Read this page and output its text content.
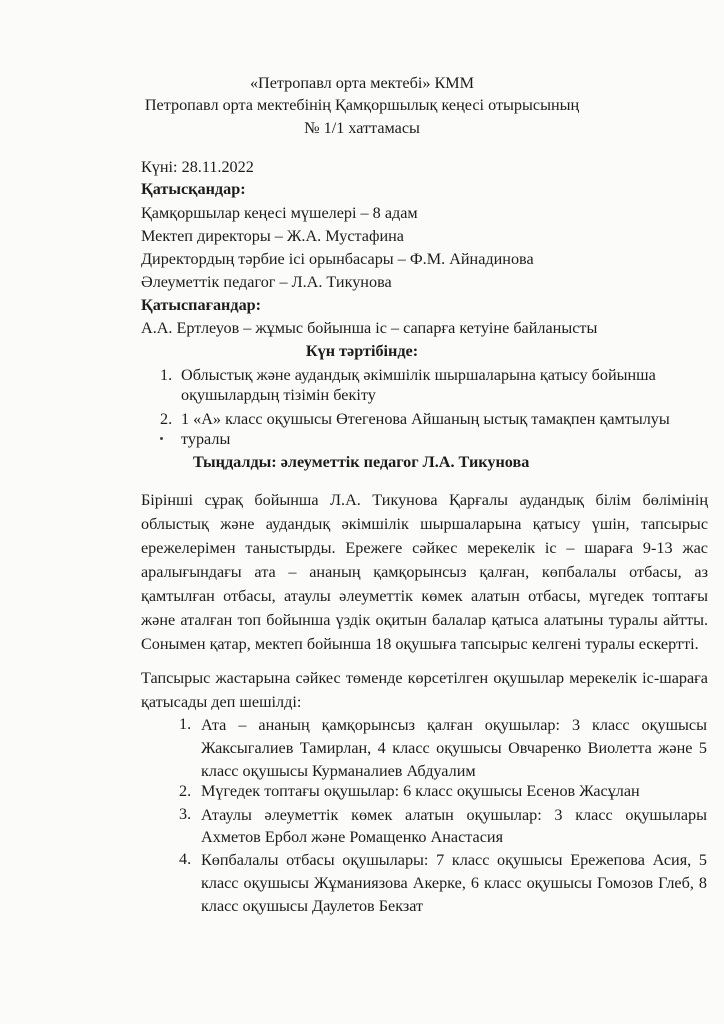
«Петропавл орта мектебі» КММ
Петропавл орта мектебінің Қамқоршылық кеңесі отырысының
№ 1/1 хаттамасы
Күні: 28.11.2022
Қатысқандар:
Қамқоршылар кеңесі мүшелері – 8 адам
Мектеп директоры – Ж.А. Мустафина
Директордың тәрбие ісі орынбасары – Ф.М. Айнадинова
Әлеуметтік педагог – Л.А. Тикунова
Қатыспағандар:
А.А. Ертлеуов – жұмыс бойынша іс – сапарға кетуіне байланысты
Күн тәртібінде:
1. Облыстық және аудандық әкімшілік шыршаларына қатысу бойынша оқушылардың тізімін бекіту
2. 1 «А» класс оқушысы Өтегенова Айшаның ыстық тамақпен қамтылуы туралы
Тыңдалды: әлеуметтік педагог Л.А. Тикунова
Бірінші сұрақ бойынша Л.А. Тикунова Қарғалы аудандық білім бөлімінің облыстық және аудандық әкімшілік шыршаларына қатысу үшін, тапсырыс ережелерімен таныстырды. Ережеге сәйкес мерекелік іс – шараға 9-13 жас аралығындағы ата – ананың қамқорынсыз қалған, көпбалалы отбасы, аз қамтылған отбасы, атаулы әлеуметтік көмек алатын отбасы, мүгедек топтағы және аталған топ бойынша үздік оқитын балалар қатыса алатыны туралы айтты. Сонымен қатар, мектеп бойынша 18 оқушыға тапсырыс келгені туралы ескертті.
Тапсырыс жастарына сәйкес төменде көрсетілген оқушылар мерекелік іс-шараға қатысады деп шешілді:
1. Ата – ананың қамқорынсыз қалған оқушылар: 3 класс оқушысы Жаксыгалиев Тамирлан, 4 класс оқушысы Овчаренко Виолетта және 5 класс оқушысы Курманалиев Абдуалим
2. Мүгедек топтағы оқушылар: 6 класс оқушысы Есенов Жасұлан
3. Атаулы әлеуметтік көмек алатын оқушылар: 3 класс оқушылары Ахметов Ербол және Ромащенко Анастасия
4. Көпбалалы отбасы оқушылары: 7 класс оқушысы Ережепова Асия, 5 класс оқушысы Жұманиязова Акерке, 6 класс оқушысы Гомозов Глеб, 8 класс оқушысы Даулетов Бекзат
